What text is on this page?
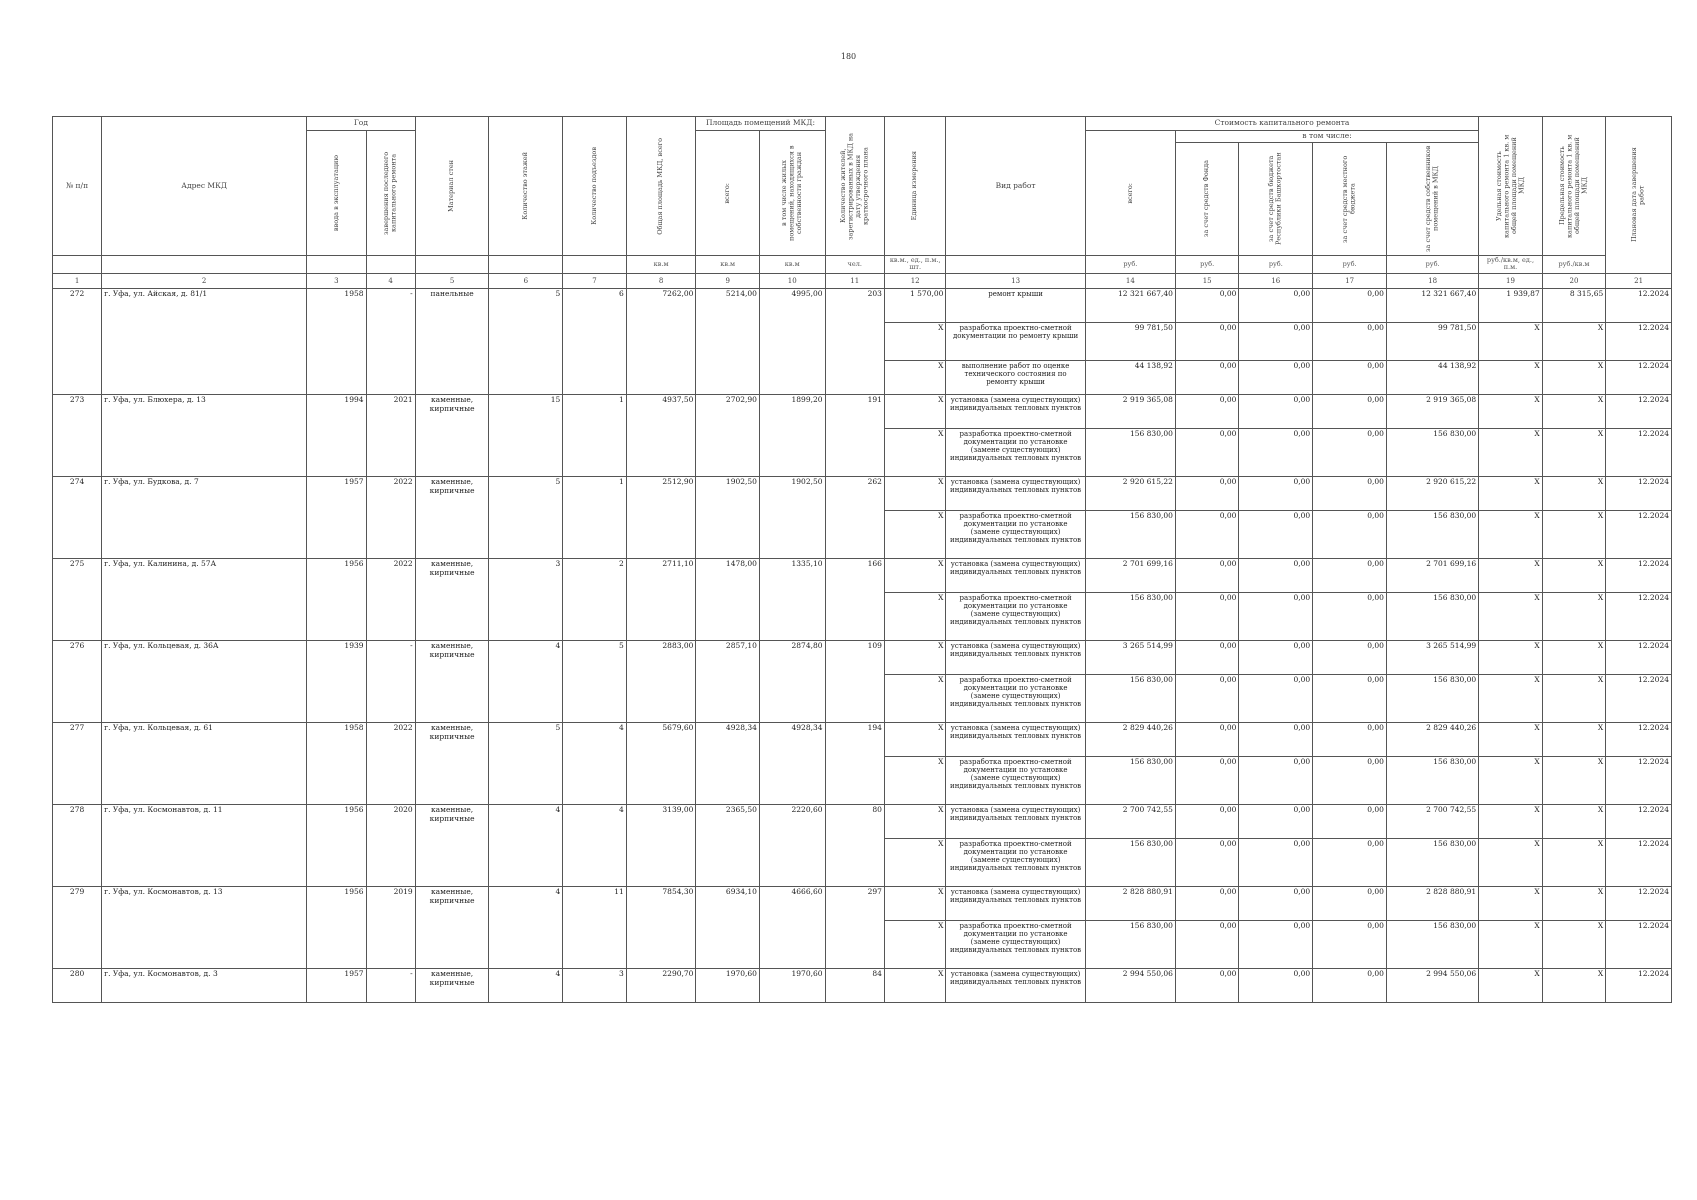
180
№ п/п	Адрес МКД	Год		Материал стен	Количество этажей	Количество подъездов	Общая площадь МКД, всего	Площадь помещений МКД:		Количество жителей, зарегистрированных в МКД на дату утверждения краткосрочного плана	Единица измерения	Вид работ	Стоимость капитального ремонта					Удельная стоимость капитального ремонта 1 кв. м общей площади помещений МКД	Предельная стоимость капитального ремонта 1 кв. м общей площади помещений МКД	Плановая дата завершения работ

		ввода в эксплуатацию	завершения последнего капитального ремонта					всего:	в том числе жилых помещений, находящихся в собственности граждан				всего:	в том числе:						

														за счет средств Фонда	за счет средств бюджета Республики Башкортостан	за счет средств местного бюджета	за счет средств собственников помещений в МКД			

							кв.м	кв.м	кв.м	чел.	кв.м., ед., п.м., шт.		руб.	руб.	руб.	руб.	руб.	руб./кв.м, ед., п.м.	руб./кв.м	
1	2	3	4	5	6	7	8	9	10	11	12	13	14	15	16	17	18	19	20	21
272	г. Уфа, ул. Айская, д. 81/1	1958	-	панельные	5	6	7262,00	5214,00	4995,00	203	1 570,00	ремонт крыши	12 321 667,40	0,00	0,00	0,00	12 321 667,40	1 939,87	8 315,65	12.2024
											X	разработка проектно-сметной документации по ремонту крыши	99 781,50	0,00	0,00	0,00	99 781,50	X	X	12.2024
											X	выполнение работ по оценке технического состояния по ремонту крыши	44 138,92	0,00	0,00	0,00	44 138,92	X	X	12.2024
273	г. Уфа, ул. Блюхера, д. 13	1994	2021	каменные, кирпичные	15	1	4937,50	2702,90	1899,20	191	X	установка (замена существующих) индивидуальных тепловых пунктов	2 919 365,08	0,00	0,00	0,00	2 919 365,08	X	X	12.2024
											X	разработка проектно-сметной документации по установке (замене существующих) индивидуальных тепловых пунктов	156 830,00	0,00	0,00	0,00	156 830,00	X	X	12.2024
274	г. Уфа, ул. Будкова, д. 7	1957	2022	каменные, кирпичные	5	1	2512,90	1902,50	1902,50	262	X	установка (замена существующих) индивидуальных тепловых пунктов	2 920 615,22	0,00	0,00	0,00	2 920 615,22	X	X	12.2024
											X	разработка проектно-сметной документации по установке (замене существующих) индивидуальных тепловых пунктов	156 830,00	0,00	0,00	0,00	156 830,00	X	X	12.2024
275	г. Уфа, ул. Калинина, д. 57А	1956	2022	каменные, кирпичные	3	2	2711,10	1478,00	1335,10	166	X	установка (замена существующих) индивидуальных тепловых пунктов	2 701 699,16	0,00	0,00	0,00	2 701 699,16	X	X	12.2024
											X	разработка проектно-сметной документации по установке (замене существующих) индивидуальных тепловых пунктов	156 830,00	0,00	0,00	0,00	156 830,00	X	X	12.2024
276	г. Уфа, ул. Кольцевая, д. 36А	1939	-	каменные, кирпичные	4	5	2883,00	2857,10	2874,80	109	X	установка (замена существующих) индивидуальных тепловых пунктов	3 265 514,99	0,00	0,00	0,00	3 265 514,99	X	X	12.2024
											X	разработка проектно-сметной документации по установке (замене существующих) индивидуальных тепловых пунктов	156 830,00	0,00	0,00	0,00	156 830,00	X	X	12.2024
277	г. Уфа, ул. Кольцевая, д. 61	1958	2022	каменные, кирпичные	5	4	5679,60	4928,34	4928,34	194	X	установка (замена существующих) индивидуальных тепловых пунктов	2 829 440,26	0,00	0,00	0,00	2 829 440,26	X	X	12.2024
											X	разработка проектно-сметной документации по установке (замене существующих) индивидуальных тепловых пунктов	156 830,00	0,00	0,00	0,00	156 830,00	X	X	12.2024
278	г. Уфа, ул. Космонавтов, д. 11	1956	2020	каменные, кирпичные	4	4	3139,00	2365,50	2220,60	80	X	установка (замена существующих) индивидуальных тепловых пунктов	2 700 742,55	0,00	0,00	0,00	2 700 742,55	X	X	12.2024
											X	разработка проектно-сметной документации по установке (замене существующих) индивидуальных тепловых пунктов	156 830,00	0,00	0,00	0,00	156 830,00	X	X	12.2024
279	г. Уфа, ул. Космонавтов, д. 13	1956	2019	каменные, кирпичные	4	11	7854,30	6934,10	4666,60	297	X	установка (замена существующих) индивидуальных тепловых пунктов	2 828 880,91	0,00	0,00	0,00	2 828 880,91	X	X	12.2024
											X	разработка проектно-сметной документации по установке (замене существующих) индивидуальных тепловых пунктов	156 830,00	0,00	0,00	0,00	156 830,00	X	X	12.2024
280	г. Уфа, ул. Космонавтов, д. 3	1957	-	каменные, кирпичные	4	3	2290,70	1970,60	1970,60	84	X	установка (замена существующих) индивидуальных тепловых пунктов	2 994 550,06	0,00	0,00	0,00	2 994 550,06	X	X	12.2024
